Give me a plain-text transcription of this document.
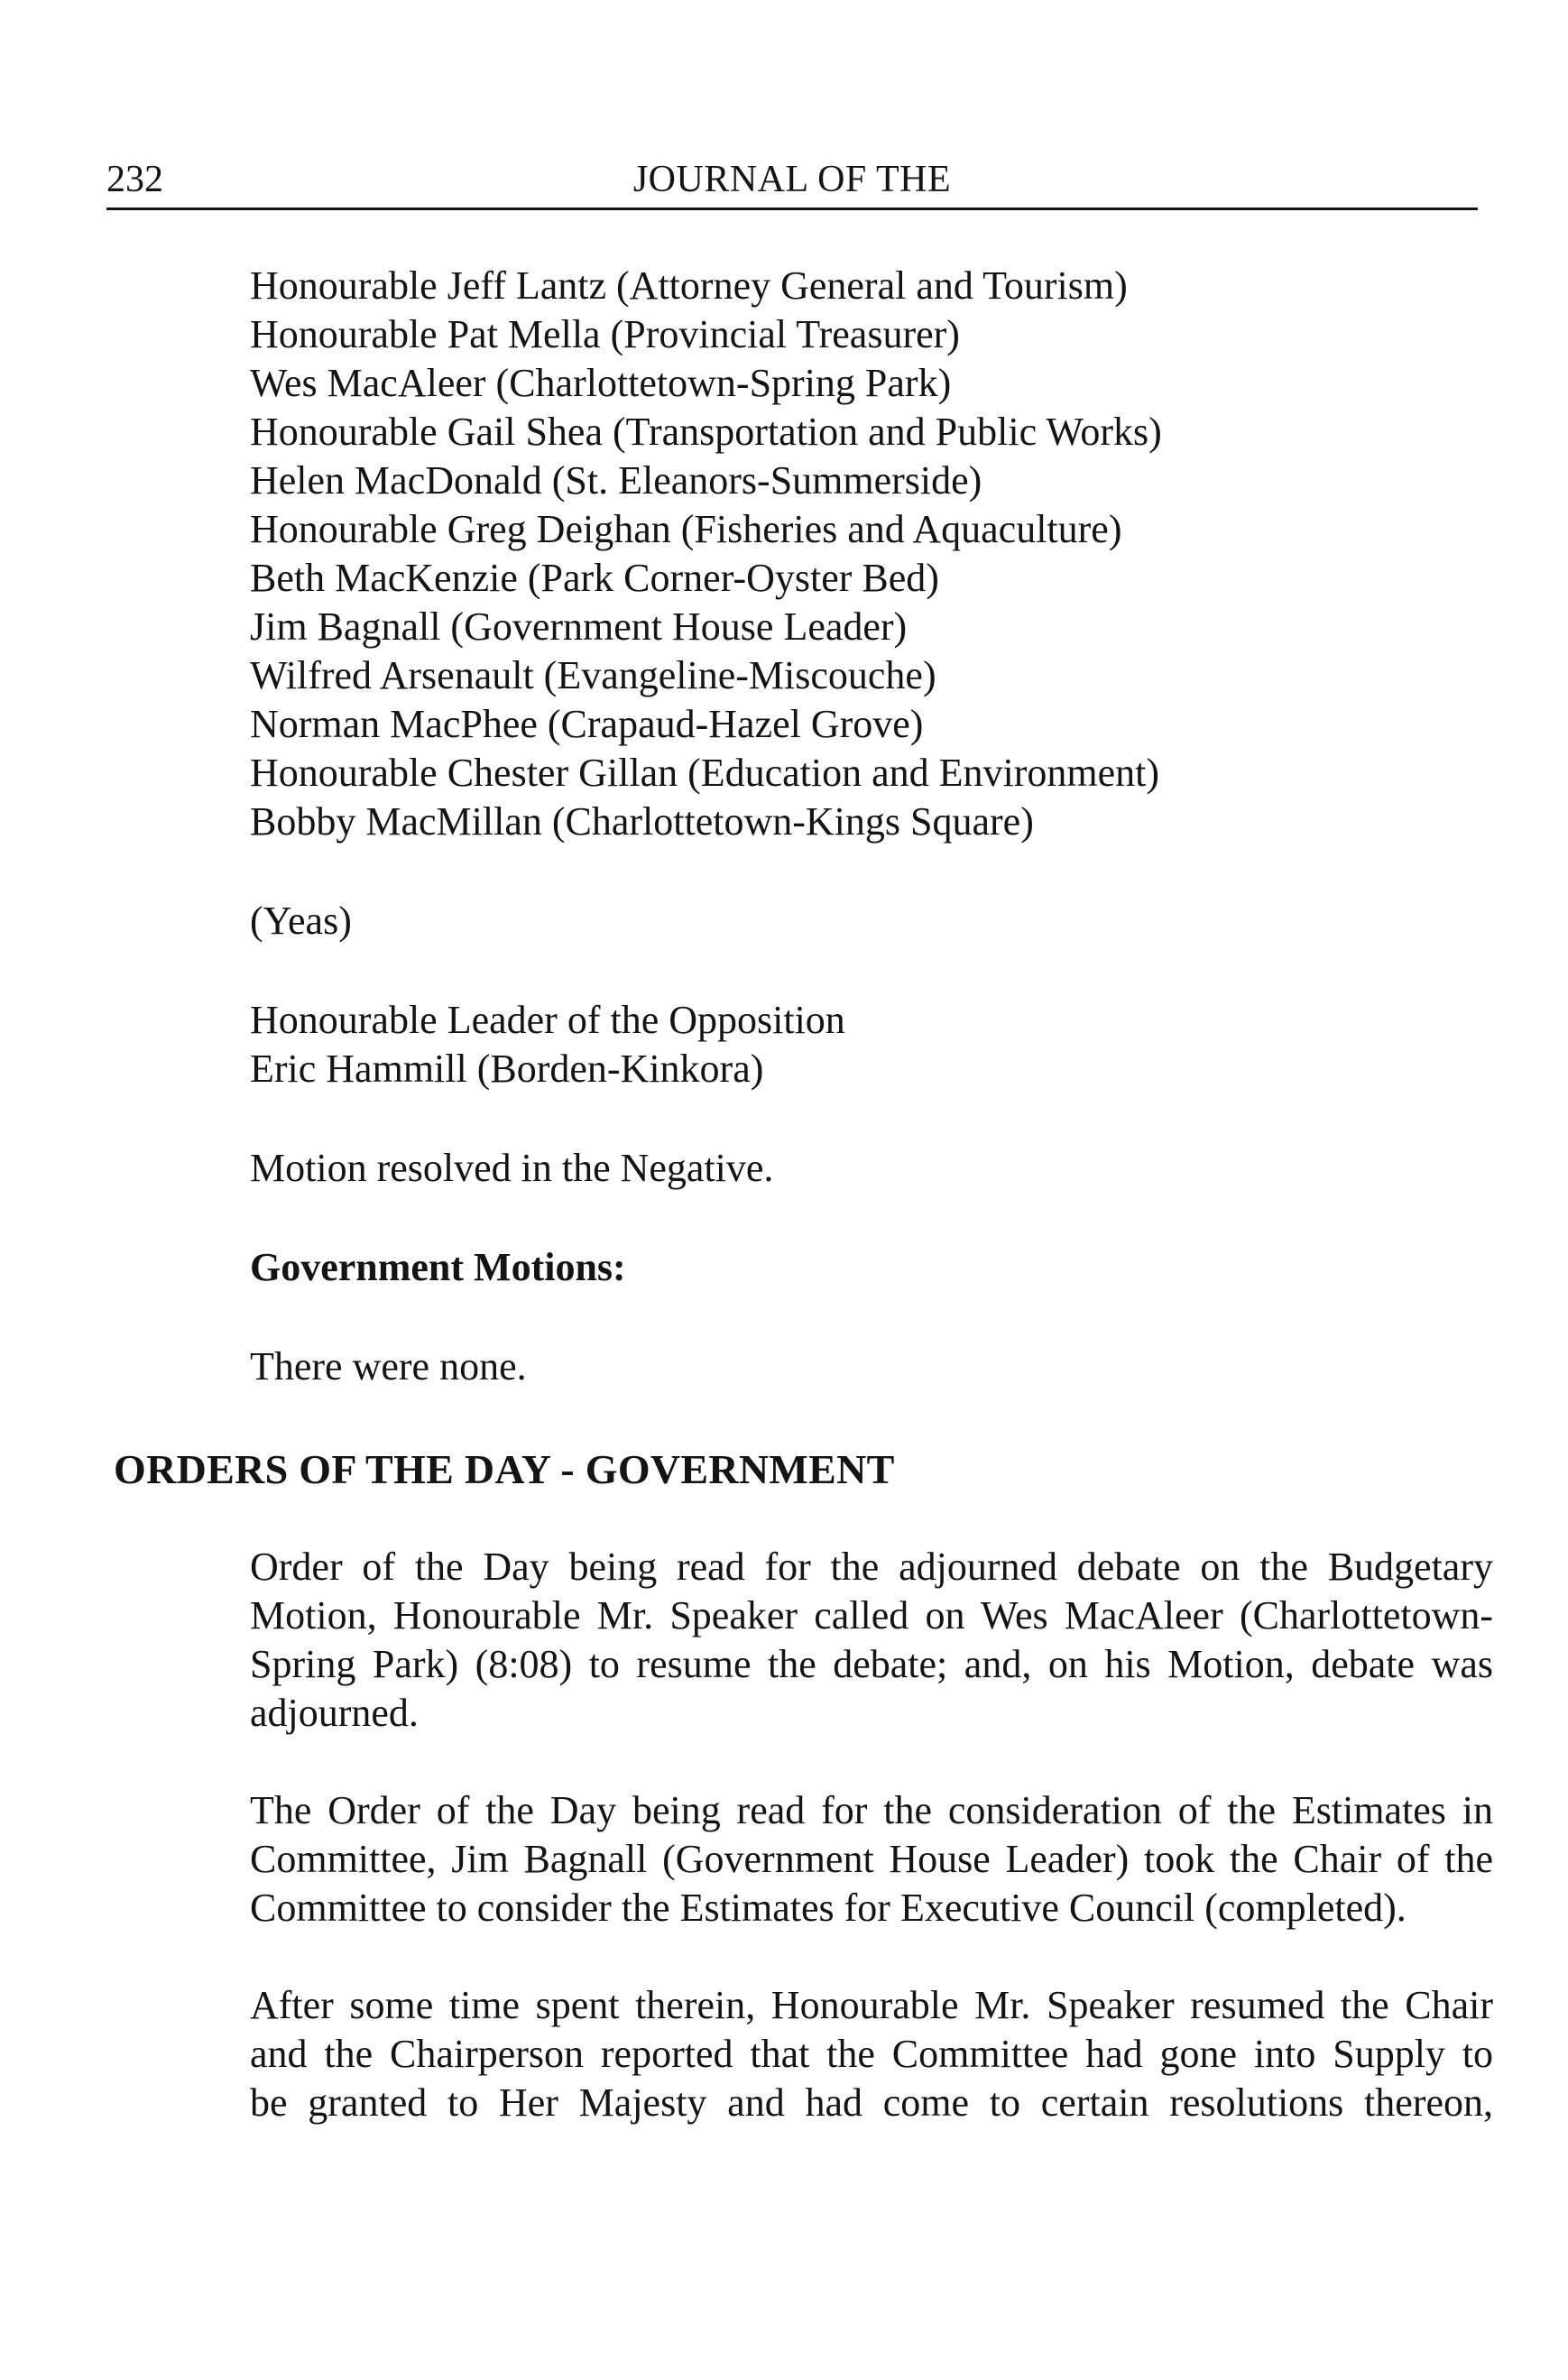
232	JOURNAL OF THE
Honourable Jeff Lantz (Attorney General and Tourism)
Honourable Pat Mella (Provincial Treasurer)
Wes MacAleer (Charlottetown-Spring Park)
Honourable Gail Shea (Transportation and Public Works)
Helen MacDonald (St. Eleanors-Summerside)
Honourable Greg Deighan (Fisheries and Aquaculture)
Beth MacKenzie (Park Corner-Oyster Bed)
Jim Bagnall (Government House Leader)
Wilfred Arsenault (Evangeline-Miscouche)
Norman MacPhee (Crapaud-Hazel Grove)
Honourable Chester Gillan (Education and Environment)
Bobby MacMillan (Charlottetown-Kings Square)
(Yeas)
Honourable Leader of the Opposition
Eric Hammill (Borden-Kinkora)
Motion resolved in the Negative.
Government Motions:
There were none.
ORDERS OF THE DAY - GOVERNMENT
Order of the Day being read for the adjourned debate on the Budgetary
Motion, Honourable Mr. Speaker called on Wes MacAleer (Charlottetown-
Spring Park) (8:08) to resume the debate; and, on his Motion, debate was
adjourned.
The Order of the Day being read for the consideration of the Estimates in
Committee, Jim Bagnall (Government House Leader) took the Chair of the
Committee to consider the Estimates for Executive Council (completed).
After some time spent therein, Honourable Mr. Speaker resumed the Chair
and the Chairperson reported that the Committee had gone into Supply to
be granted to Her Majesty and had come to certain resolutions thereon,
